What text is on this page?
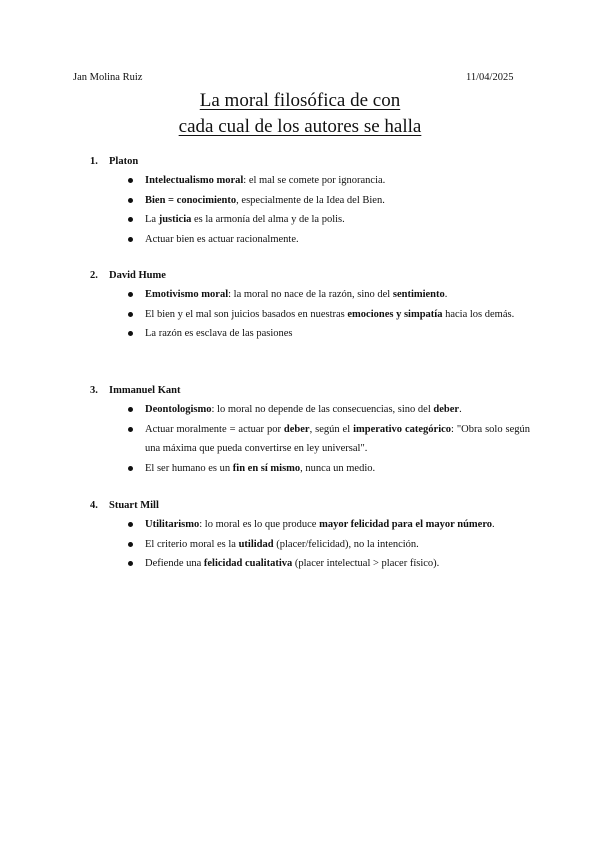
Jan Molina Ruiz	11/04/2025
La moral filosófica de con
cada cual de los autores se halla
1. Platon
Intelectualismo moral: el mal se comete por ignorancia.
Bien = conocimiento, especialmente de la Idea del Bien.
La justicia es la armonía del alma y de la polis.
Actuar bien es actuar racionalmente.
2. David Hume
Emotivismo moral: la moral no nace de la razón, sino del sentimiento.
El bien y el mal son juicios basados en nuestras emociones y simpatía hacia los demás.
La razón es esclava de las pasiones
3. Immanuel Kant
Deontologismo: lo moral no depende de las consecuencias, sino del deber.
Actuar moralmente = actuar por deber, según el imperativo categórico: "Obra solo según una máxima que pueda convertirse en ley universal".
El ser humano es un fin en sí mismo, nunca un medio.
4. Stuart Mill
Utilitarismo: lo moral es lo que produce mayor felicidad para el mayor número.
El criterio moral es la utilidad (placer/felicidad), no la intención.
Defiende una felicidad cualitativa (placer intelectual > placer físico).
